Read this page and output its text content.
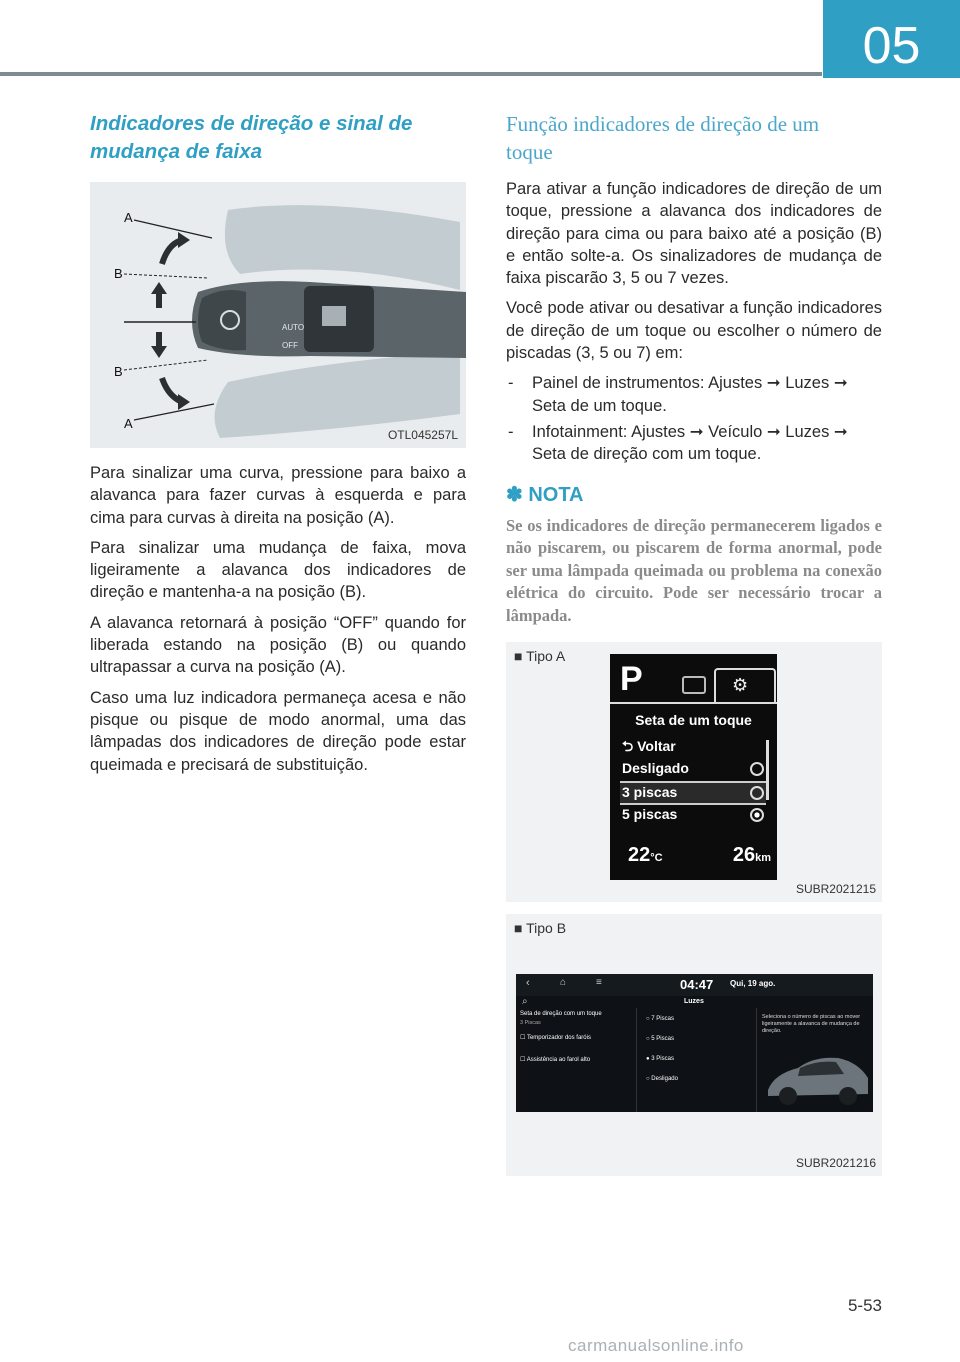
05
Indicadores de direção e sinal de
mudança de faixa
AUTO
OFF
A
B
B
A
OTL045257L

Para sinalizar uma curva, pressione para baixo a alavanca para fazer curvas à esquerda e para cima para curvas à direita na posição (A).

Para sinalizar uma mudança de faixa, mova ligeiramente a alavanca dos indicadores de direção e mantenha-a na posição (B).

A alavanca retornará à posição “OFF” quando for liberada estando na posição (B) ou quando ultrapassar a curva na posição (A).

Caso uma luz indicadora permaneça acesa e não pisque ou pisque de modo anormal, uma das lâmpadas dos indicadores de direção pode estar queimada e precisará de substituição.

Função indicadores de direção de um
toque

Para ativar a função indicadores de direção de um toque, pressione a alavanca dos indicadores de direção para cima ou para baixo até a posição (B) e então solte-a. Os sinalizadores de mudança de faixa piscarão 3, 5 ou 7 vezes.

Você pode ativar ou desativar a função indicadores de direção de um toque ou escolher o número de piscadas (3, 5 ou 7) em:

- Painel de instrumentos: Ajustes ➞ Luzes ➞ Seta de um toque.
- Infotainment: Ajustes ➞ Veículo ➞ Luzes ➞ Seta de direção com um toque.
✽ NOTA

Se os indicadores de direção permanecerem ligados e não piscarem, ou piscarem de forma anormal, pode ser uma lâmpada queimada ou problema na conexão elétrica do circuito. Pode ser necessário trocar a lâmpada.

■ Tipo A
P	⚙
Seta de um toque
⮌ Voltar
Desligado
3 piscas
5 piscas
22°C	26km
SUBR2021215
■ Tipo B
‹	⌂	≡	04:47 Qui, 19 ago.
⌕	Luzes
Seta de direção com um toque
3 Piscas
☐ Temporizador dos faróis
☐ Assistência ao farol alto
○ 7 Piscas
○ 5 Piscas
● 3 Piscas
○ Desligado
Seleciona o número de piscas ao mover ligeiramente a alavanca de mudança de direção.
SUBR2021216
5-53
carmanualsonline.info
